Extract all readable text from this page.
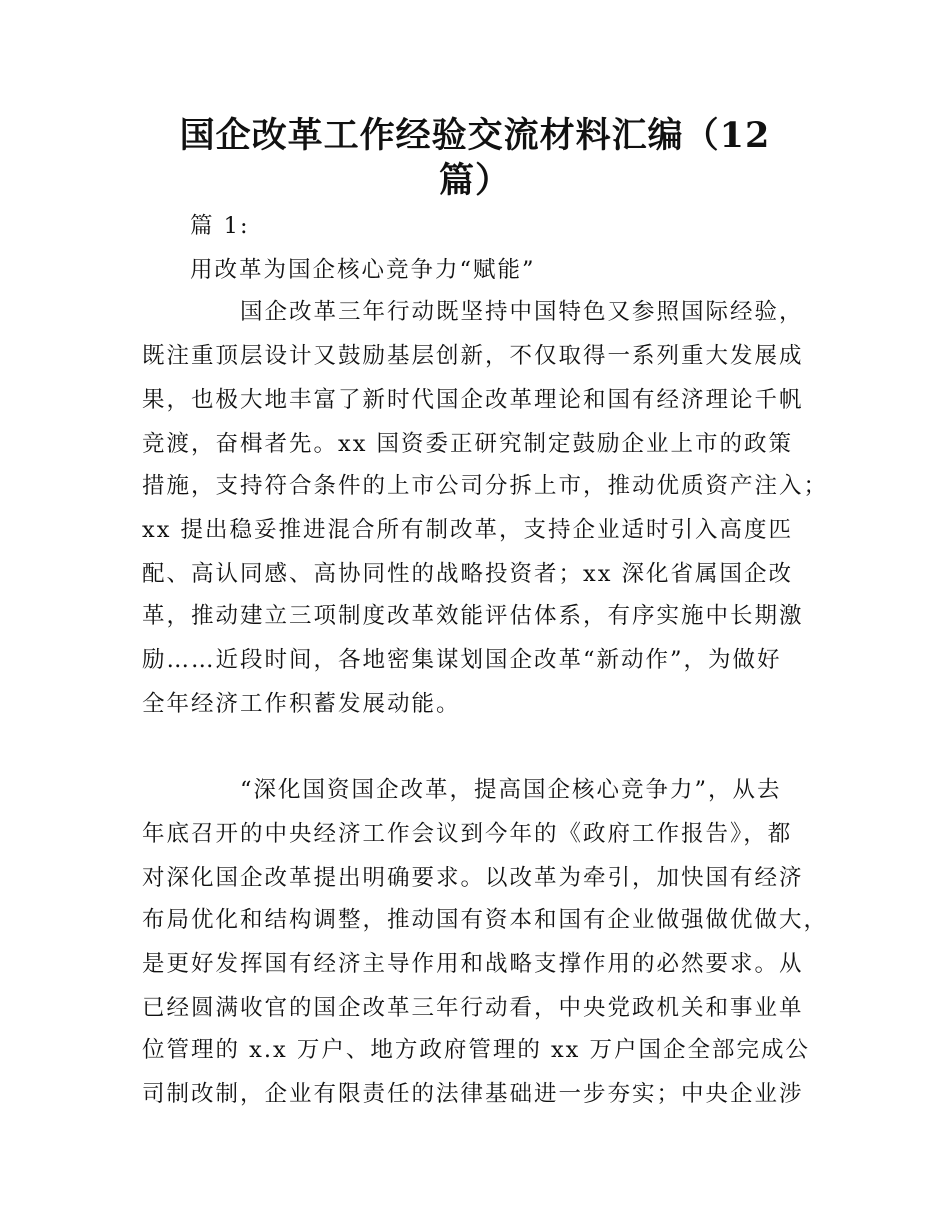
国企改革工作经验交流材料汇编（12
篇）

篇 1:

用改革为国企核心竞争力“赋能”

国企改革三年行动既坚持中国特色又参照国际经验，

既注重顶层设计又鼓励基层创新，不仅取得一系列重大发展成

果，也极大地丰富了新时代国企改革理论和国有经济理论千帆

竞渡，奋楫者先。xx 国资委正研究制定鼓励企业上市的政策

措施，支持符合条件的上市公司分拆上市，推动优质资产注入；

xx 提出稳妥推进混合所有制改革，支持企业适时引入高度匹

配、高认同感、高协同性的战略投资者；xx 深化省属国企改

革，推动建立三项制度改革效能评估体系，有序实施中长期激

励……近段时间，各地密集谋划国企改革“新动作”，为做好

全年经济工作积蓄发展动能。

“深化国资国企改革，提高国企核心竞争力”，从去

年底召开的中央经济工作会议到今年的《政府工作报告》，都

对深化国企改革提出明确要求。以改革为牵引，加快国有经济

布局优化和结构调整，推动国有资本和国有企业做强做优做大，

是更好发挥国有经济主导作用和战略支撑作用的必然要求。从

已经圆满收官的国企改革三年行动看，中央党政机关和事业单

位管理的 x.x 万户、地方政府管理的 xx 万户国企全部完成公

司制改制，企业有限责任的法律基础进一步夯实；中央企业涉
